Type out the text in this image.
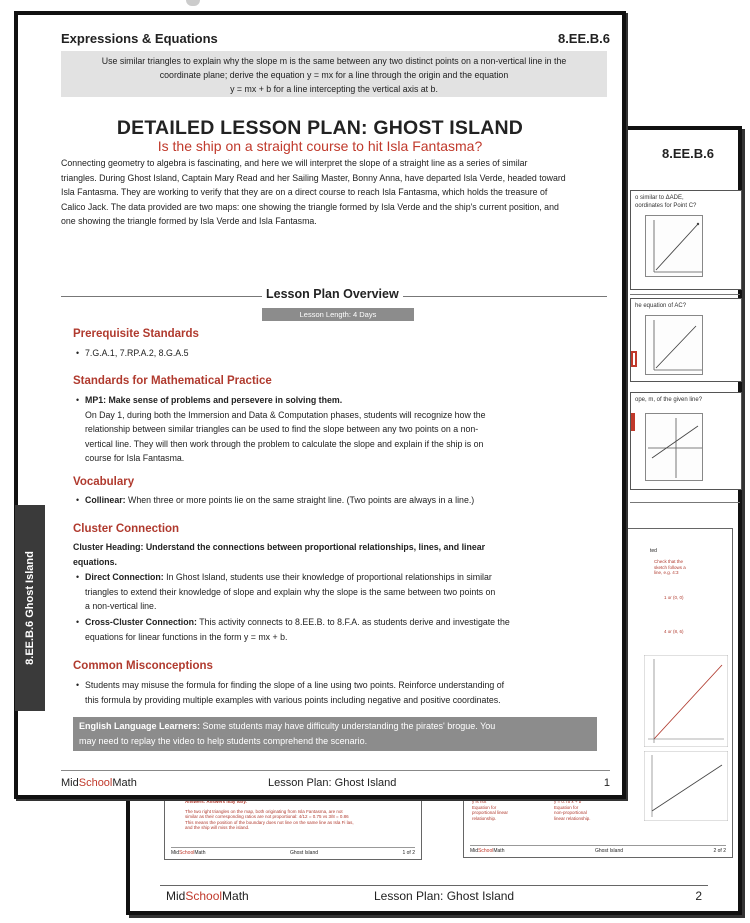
8.EE.B.6
o similar to ΔADE,
oordinates for Point C?
he equation of AC?
ope, m, of the given line?
ted
Check that the
sketch follows a
line, e.g. 4:3
1 or (0, 0)
4 or (8, 6)
y is not
Equation for
proportional linear
relationship.
y = 0.75 x + b
Equation for
non-proportional
linear relationship.
MidSchoolMath	Ghost Island	2 of 2
Answers: Answers may vary.
The two right triangles on the map, both originating from Isla Fantasma, are not
similar as their corresponding ratios are not proportional: 4/12 = 0.75 vs 3/8 = 0.86
This means the position of the boundary does not line on the same line as Isla Fi las,
and the ship will miss the island.
MidSchoolMath	Ghost Island	1 of 2
MidSchoolMath	Lesson Plan: Ghost Island	2
Expressions & Equations	8.EE.B.6
Use similar triangles to explain why the slope m is the same between any two distinct points on a non-vertical line in the
coordinate plane; derive the equation y = mx for a line through the origin and the equation
y = mx + b for a line intercepting the vertical axis at b.
DETAILED LESSON PLAN: GHOST ISLAND
Is the ship on a straight course to hit Isla Fantasma?
Connecting geometry to algebra is fascinating, and here we will interpret the slope of a straight line as a series of similar
triangles. During Ghost Island, Captain Mary Read and her Sailing Master, Bonny Anna, have departed Isla Verde, headed toward
Isla Fantasma. They are working to verify that they are on a direct course to reach Isla Fantasma, which holds the treasure of
Calico Jack. The data provided are two maps: one showing the triangle formed by Isla Verde and the ship's current position, and
one showing the triangle formed by Isla Verde and Isla Fantasma.
Lesson Plan Overview
Lesson Length: 4 Days
Prerequisite Standards
• 7.G.A.1, 7.RP.A.2, 8.G.A.5
Standards for Mathematical Practice
• MP1: Make sense of problems and persevere in solving them.
On Day 1, during both the Immersion and Data & Computation phases, students will recognize how the
relationship between similar triangles can be used to find the slope between any two points on a non-
vertical line. They will then work through the problem to calculate the slope and explain if the ship is on
course for Isla Fantasma.
Vocabulary
• Collinear: When three or more points lie on the same straight line. (Two points are always in a line.)
Cluster Connection
Cluster Heading: Understand the connections between proportional relationships, lines, and linear
equations.
• Direct Connection: In Ghost Island, students use their knowledge of proportional relationships in similar
triangles to extend their knowledge of slope and explain why the slope is the same between two points on
a non-vertical line.
• Cross-Cluster Connection: This activity connects to 8.EE.B. to 8.F.A. as students derive and investigate the
equations for linear functions in the form y = mx + b.
Common Misconceptions
• Students may misuse the formula for finding the slope of a line using two points. Reinforce understanding of
this formula by providing multiple examples with various points including negative and positive coordinates.
English Language Learners: Some students may have difficulty understanding the pirates' brogue. You
may need to replay the video to help students comprehend the scenario.
MidSchoolMath	Lesson Plan: Ghost Island	1
8.EE.B.6 Ghost Island
